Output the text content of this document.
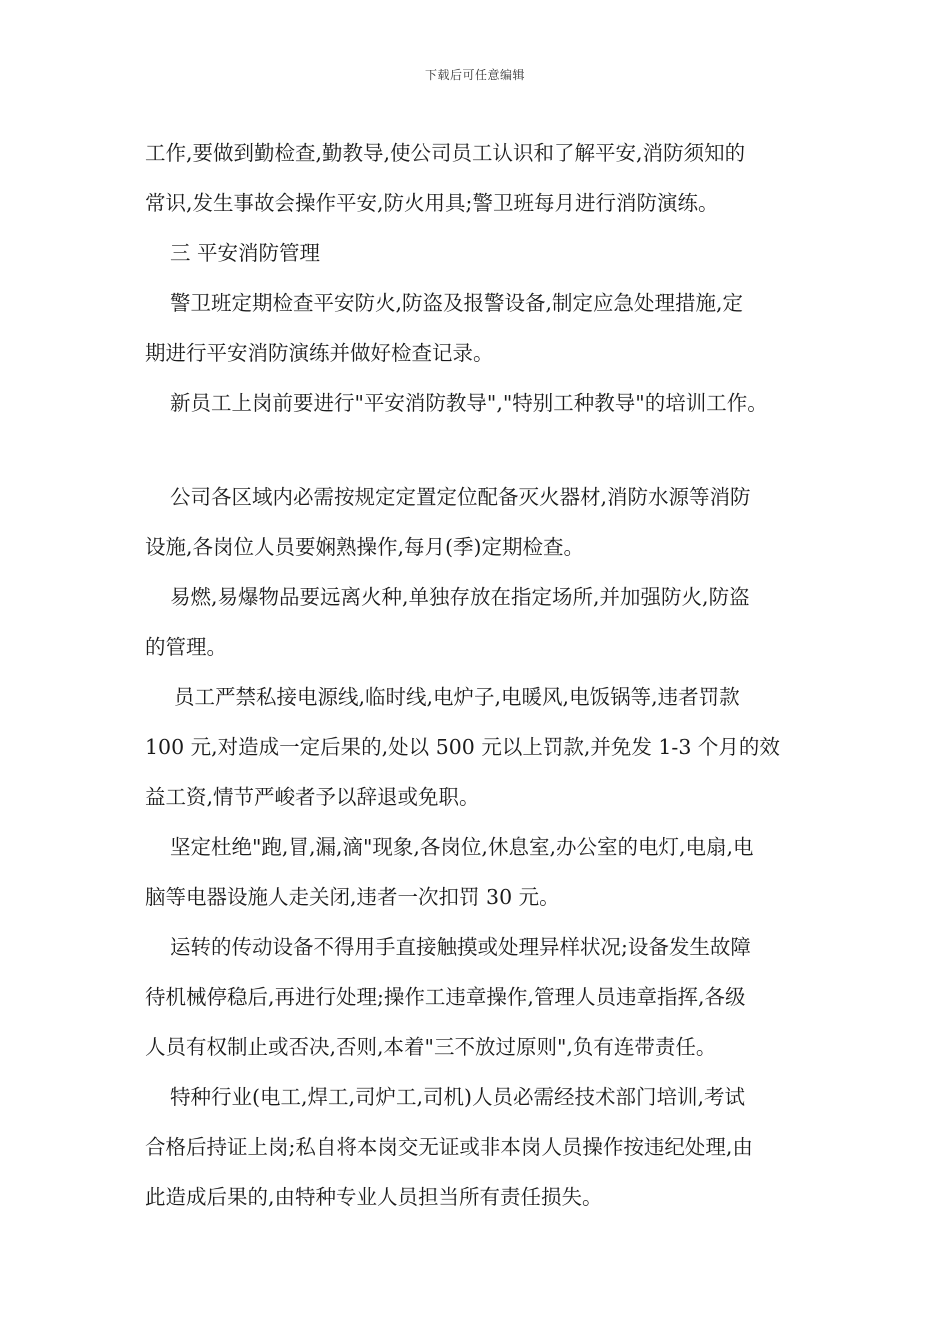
下载后可任意编辑

工作,要做到勤检查,勤教导,使公司员工认识和了解平安,消防须知的

常识,发生事故会操作平安,防火用具;警卫班每月进行消防演练。

三 平安消防管理

警卫班定期检查平安防火,防盗及报警设备,制定应急处理措施,定

期进行平安消防演练并做好检查记录。

新员工上岗前要进行"平安消防教导","特别工种教导"的培训工作。

公司各区域内必需按规定定置定位配备灭火器材,消防水源等消防

设施,各岗位人员要娴熟操作,每月(季)定期检查。

易燃,易爆物品要远离火种,单独存放在指定场所,并加强防火,防盗

的管理。

员工严禁私接电源线,临时线,电炉子,电暖风,电饭锅等,违者罚款

100 元,对造成一定后果的,处以 500 元以上罚款,并免发 1-3 个月的效

益工资,情节严峻者予以辞退或免职。

坚定杜绝"跑,冒,漏,滴"现象,各岗位,休息室,办公室的电灯,电扇,电

脑等电器设施人走关闭,违者一次扣罚 30 元。

运转的传动设备不得用手直接触摸或处理异样状况;设备发生故障

待机械停稳后,再进行处理;操作工违章操作,管理人员违章指挥,各级

人员有权制止或否决,否则,本着"三不放过原则",负有连带责任。

特种行业(电工,焊工,司炉工,司机)人员必需经技术部门培训,考试

合格后持证上岗;私自将本岗交无证或非本岗人员操作按违纪处理,由

此造成后果的,由特种专业人员担当所有责任损失。
